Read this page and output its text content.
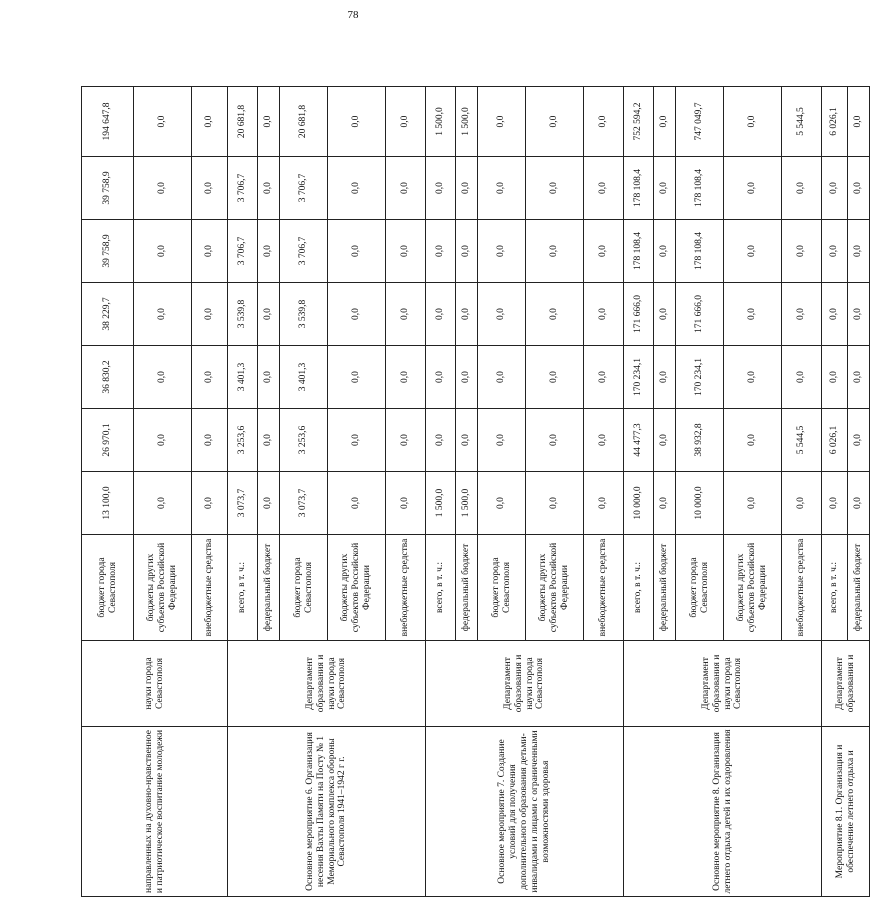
78
направленных на духовно-нравственное и патриотическое воспитание молодежи	науки города Севастополя	бюджет города Севастополя	13 100,0	26 970,1	36 830,2	38 229,7	39 758,9	39 758,9	194 647,8
		бюджеты других субъектов Российской Федерации	0,0	0,0	0,0	0,0	0,0	0,0	0,0
		внебюджетные средства	0,0	0,0	0,0	0,0	0,0	0,0	0,0
Основное мероприятие 6. Организация несения Вахты Памяти на Посту № 1 Мемориального комплекса обороны Севастополя 1941–1942 г г.	Департамент образования и науки города Севастополя	всего, в т. ч.:	3 073,7	3 253,6	3 401,3	3 539,8	3 706,7	3 706,7	20 681,8
		федеральный бюджет	0,0	0,0	0,0	0,0	0,0	0,0	0,0
		бюджет города Севастополя	3 073,7	3 253,6	3 401,3	3 539,8	3 706,7	3 706,7	20 681,8
		бюджеты других субъектов Российской Федерации	0,0	0,0	0,0	0,0	0,0	0,0	0,0
		внебюджетные средства	0,0	0,0	0,0	0,0	0,0	0,0	0,0
Основное мероприятие 7. Создание условий для получения дополнительного образования детьми-инвалидами и лицами с ограниченными возможностями здоровья	Департамент образования и науки города Севастополя	всего, в т. ч.:	1 500,0	0,0	0,0	0,0	0,0	0,0	1 500,0
		федеральный бюджет	1 500,0	0,0	0,0	0,0	0,0	0,0	1 500,0
		бюджет города Севастополя	0,0	0,0	0,0	0,0	0,0	0,0	0,0
		бюджеты других субъектов Российской Федерации	0,0	0,0	0,0	0,0	0,0	0,0	0,0
		внебюджетные средства	0,0	0,0	0,0	0,0	0,0	0,0	0,0
Основное мероприятие 8. Организация летнего отдыха детей и их оздоровления	Департамент образования и науки города Севастополя	всего, в т. ч.:	10 000,0	44 477,3	170 234,1	171 666,0	178 108,4	178 108,4	752 594,2
		федеральный бюджет	0,0	0,0	0,0	0,0	0,0	0,0	0,0
		бюджет города Севастополя	10 000,0	38 932,8	170 234,1	171 666,0	178 108,4	178 108,4	747 049,7
		бюджеты других субъектов Российской Федерации	0,0	0,0	0,0	0,0	0,0	0,0	0,0
		внебюджетные средства	0,0	5 544,5	0,0	0,0	0,0	0,0	5 544,5
Мероприятие 8.1. Организация и обеспечение летнего отдыха и	Департамент образования и	всего, в т. ч.:	0,0	6 026,1	0,0	0,0	0,0	0,0	6 026,1
		федеральный бюджет	0,0	0,0	0,0	0,0	0,0	0,0	0,0
